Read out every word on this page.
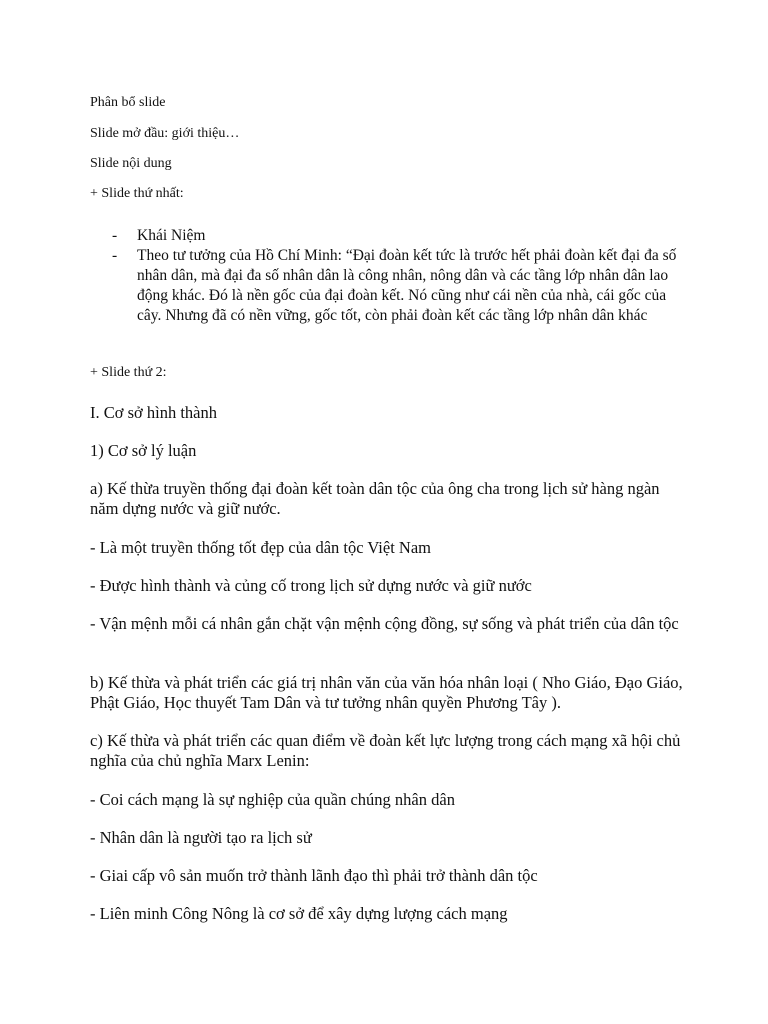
Phân bổ slide

Slide mở đầu: giới thiệu…

Slide nội dung

+ Slide thứ nhất:

- Khái Niệm
- Theo tư tưởng của Hồ Chí Minh: “Đại đoàn kết tức là trước hết phải đoàn kết đại đa số nhân dân, mà đại đa số nhân dân là công nhân, nông dân và các tầng lớp nhân dân lao động khác. Đó là nền gốc của đại đoàn kết. Nó cũng như cái nền của nhà, cái gốc của cây. Nhưng đã có nền vững, gốc tốt, còn phải đoàn kết các tầng lớp nhân dân khác

+ Slide thứ 2:

I. Cơ sở hình thành

1) Cơ sở lý luận

a) Kế thừa truyền thống đại đoàn kết toàn dân tộc của ông cha trong lịch sử hàng ngàn năm dựng nước và giữ nước.

- Là một truyền thống tốt đẹp của dân tộc Việt Nam

- Được hình thành và củng cố trong lịch sử dựng nước và giữ nước

- Vận mệnh mỗi cá nhân gắn chặt vận mệnh cộng đồng, sự sống và phát triển của dân tộc

b) Kế thừa và phát triển các giá trị nhân văn của văn hóa nhân loại ( Nho Giáo, Đạo Giáo, Phật Giáo, Học thuyết Tam Dân và tư tưởng nhân quyền Phương Tây ).

c) Kế thừa và phát triển các quan điểm về đoàn kết lực lượng trong cách mạng xã hội chủ nghĩa của chủ nghĩa Marx Lenin:

- Coi cách mạng là sự nghiệp của quần chúng nhân dân

- Nhân dân là người tạo ra lịch sử

- Giai cấp vô sản muốn trở thành lãnh đạo thì phải trở thành dân tộc

- Liên minh Công Nông là cơ sở để xây dựng lượng cách mạng
